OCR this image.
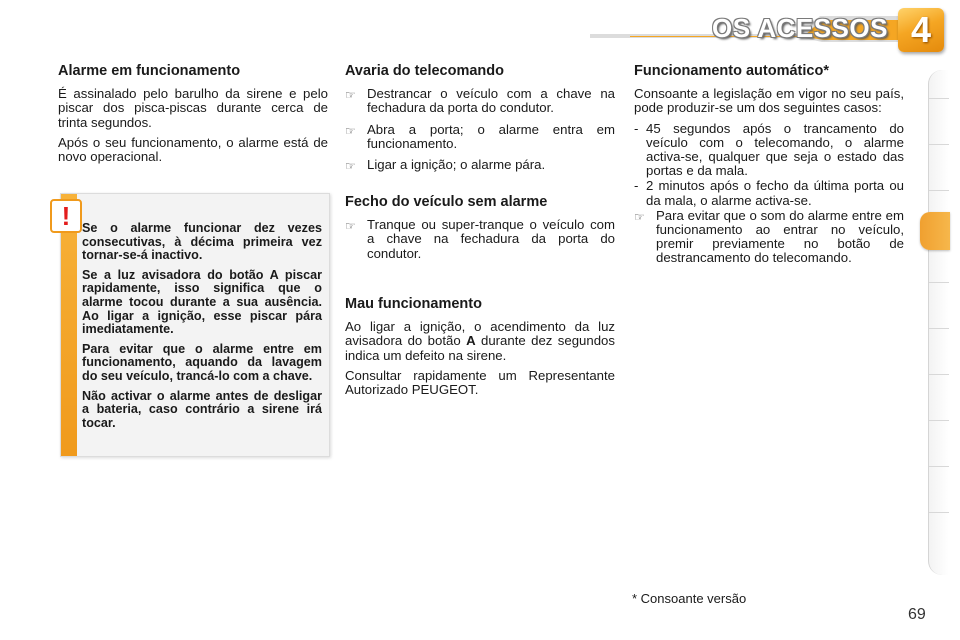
OS ACESSOS 4
Alarme em funcionamento

É assinalado pelo barulho da sirene e pelo piscar dos pisca-piscas durante cerca de trinta segundos.

Após o seu funcionamento, o alarme está de novo operacional.

! Se o alarme funcionar dez vezes consecutivas, à décima primeira vez tornar-se-á inactivo.

Se a luz avisadora do botão A piscar rapidamente, isso significa que o alarme tocou durante a sua ausência. Ao ligar a ignição, esse piscar pára imediatamente.

Para evitar que o alarme entre em funcionamento, aquando da lavagem do seu veículo, trancá-lo com a chave.

Não activar o alarme antes de desligar a bateria, caso contrário a sirene irá tocar.

Avaria do telecomando
☞ Destrancar o veículo com a chave na fechadura da porta do condutor.
☞ Abra a porta; o alarme entra em funcionamento.
☞ Ligar a ignição; o alarme pára.
Fecho do veículo sem alarme
☞ Tranque ou super-tranque o veículo com a chave na fechadura da porta do condutor.
Mau funcionamento

Ao ligar a ignição, o acendimento da luz avisadora do botão A durante dez segundos indica um defeito na sirene.

Consultar rapidamente um Representante Autorizado PEUGEOT.

Funcionamento automático*

Consoante a legislação em vigor no seu país, pode produzir-se um dos seguintes casos:

- 45 segundos após o trancamento do veículo com o telecomando, o alarme activa-se, qualquer que seja o estado das portas e da mala.
- 2 minutos após o fecho da última porta ou da mala, o alarme activa-se.
☞ Para evitar que o som do alarme entre em funcionamento ao entrar no veículo, premir previamente no botão de destrancamento do telecomando.
* Consoante versão
69
